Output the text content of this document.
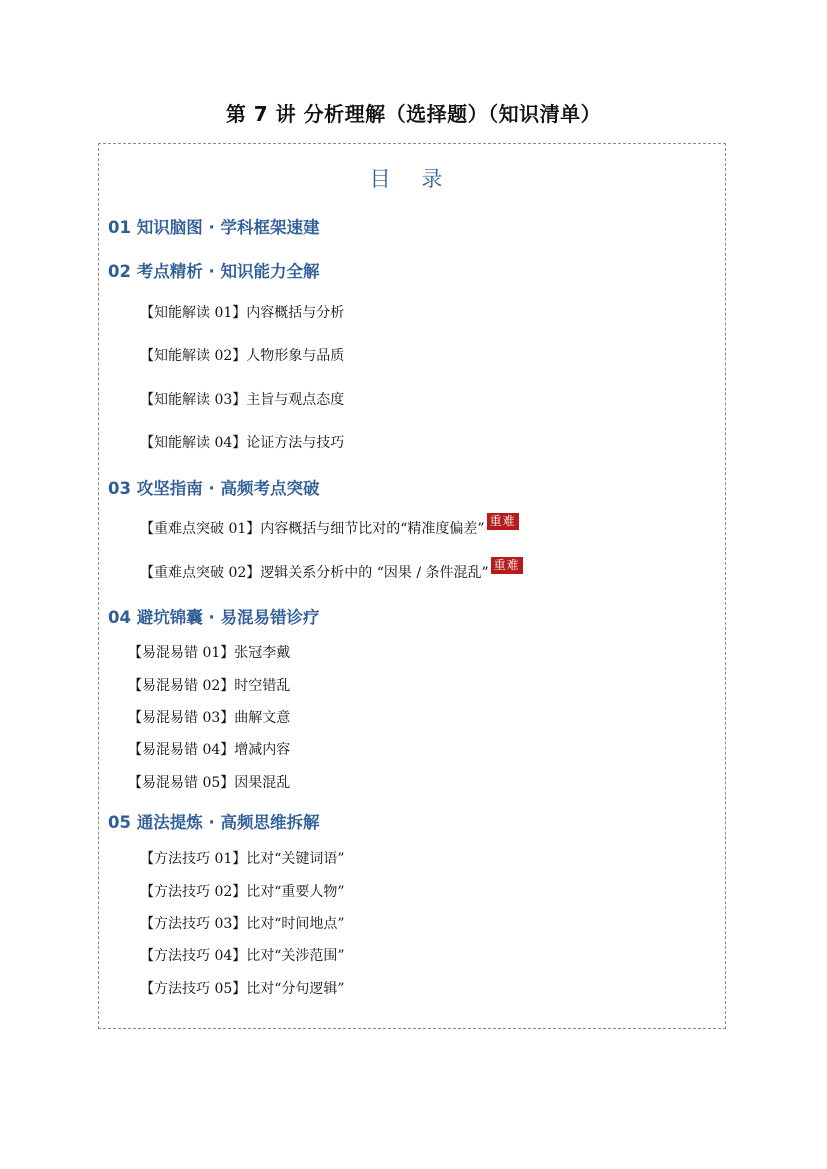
第 7 讲 分析理解（选择题）（知识清单）
目 录
01 知识脑图 · 学科框架速建
02 考点精析 · 知识能力全解
【知能解读 01】内容概括与分析
【知能解读 02】人物形象与品质
【知能解读 03】主旨与观点态度
【知能解读 04】论证方法与技巧
03 攻坚指南 · 高频考点突破
【重难点突破 01】内容概括与细节比对的“精准度偏差” 重难
【重难点突破 02】逻辑关系分析中的 “因果 / 条件混乱” 重难
04 避坑锦囊 · 易混易错诊疗
【易混易错 01】张冠李戴
【易混易错 02】时空错乱
【易混易错 03】曲解文意
【易混易错 04】增减内容
【易混易错 05】因果混乱
05 通法提炼 · 高频思维拆解
【方法技巧 01】比对“关键词语”
【方法技巧 02】比对“重要人物”
【方法技巧 03】比对“时间地点”
【方法技巧 04】比对“关涉范围”
【方法技巧 05】比对“分句逻辑”
